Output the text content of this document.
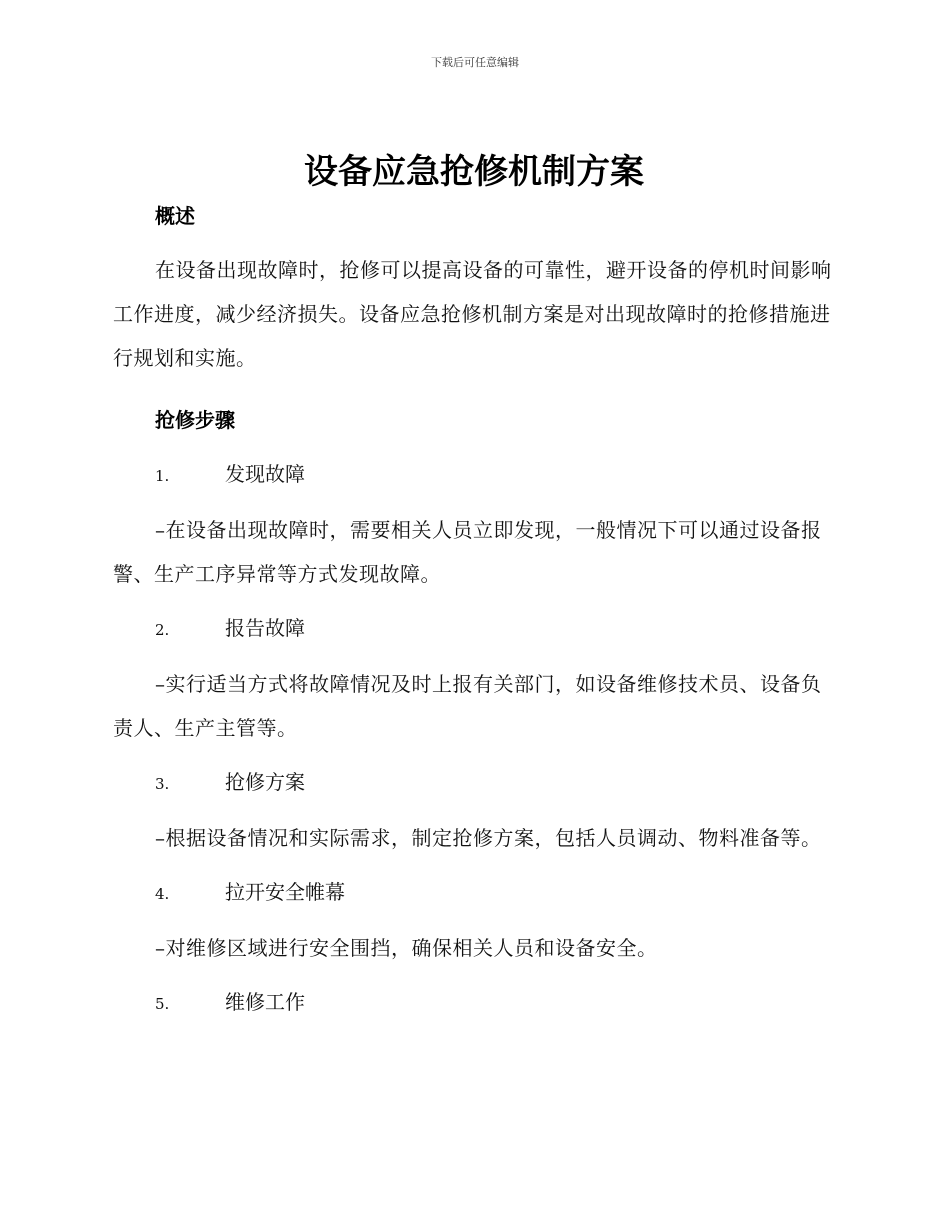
下载后可任意编辑
设备应急抢修机制方案
概述

在设备出现故障时，抢修可以提高设备的可靠性，避开设备的停机时间影响工作进度，减少经济损失。设备应急抢修机制方案是对出现故障时的抢修措施进行规划和实施。

抢修步骤
1.	发现故障

–在设备出现故障时，需要相关人员立即发现，一般情况下可以通过设备报警、生产工序异常等方式发现故障。

2.	报告故障

–实行适当方式将故障情况及时上报有关部门，如设备维修技术员、设备负责人、生产主管等。

3.	抢修方案

–根据设备情况和实际需求，制定抢修方案，包括人员调动、物料准备等。

4.	拉开安全帷幕

–对维修区域进行安全围挡，确保相关人员和设备安全。

5.	维修工作
